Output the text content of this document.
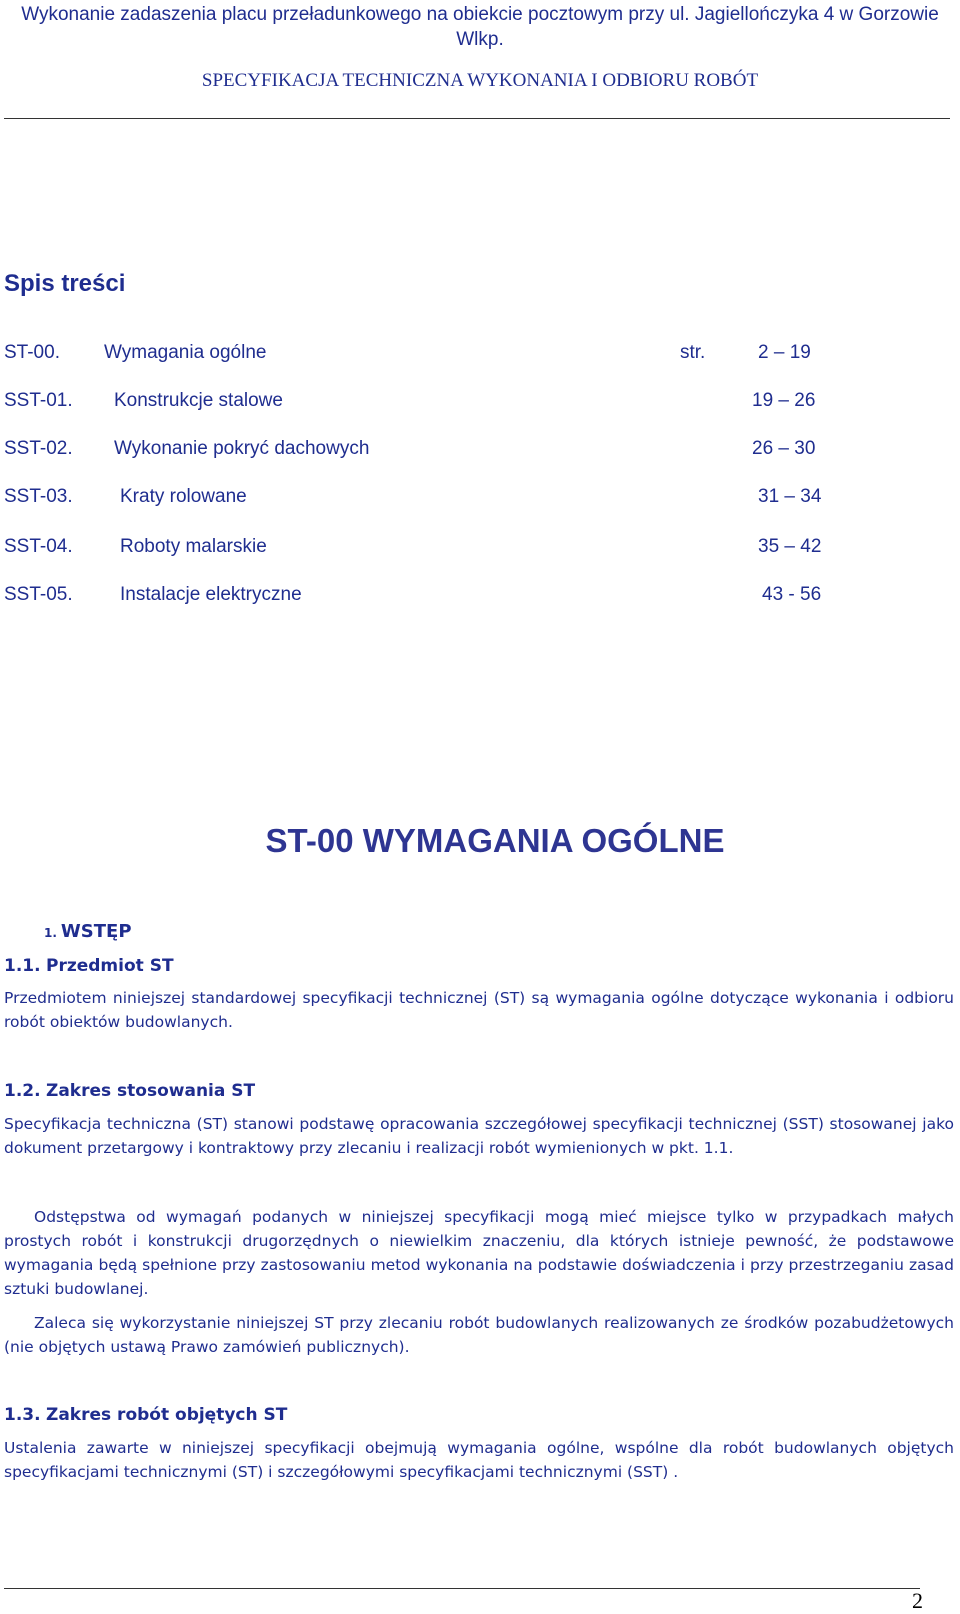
Wykonanie zadaszenia placu przeładunkowego na obiekcie pocztowym przy ul. Jagiellończyka 4 w Gorzowie Wlkp.
SPECYFIKACJA TECHNICZNA WYKONANIA I ODBIORU ROBÓT
Spis treści
ST-00. Wymagania ogólne	str.	2 – 19
SST-01. Konstrukcje stalowe	19 – 26
SST-02. Wykonanie pokryć dachowych	26 – 30
SST-03. Kraty rolowane	31 – 34
SST-04. Roboty malarskie	35 – 42
SST-05. Instalacje elektryczne	43 - 56
ST-00 WYMAGANIA OGÓLNE
1. WSTĘP
1.1. Przedmiot ST
Przedmiotem niniejszej standardowej specyfikacji technicznej (ST) są wymagania ogólne dotyczące wykonania i odbioru robót obiektów budowlanych.
1.2. Zakres stosowania ST
Specyfikacja techniczna (ST) stanowi podstawę opracowania szczegółowej specyfikacji technicznej (SST) stosowanej jako dokument przetargowy i kontraktowy przy zlecaniu i realizacji robót wymienionych w pkt. 1.1.
Odstępstwa od wymagań podanych w niniejszej specyfikacji mogą mieć miejsce tylko w przypadkach małych prostych robót i konstrukcji drugorzędnych o niewielkim znaczeniu, dla których istnieje pewność, że podstawowe wymagania będą spełnione przy zastosowaniu metod wykonania na podstawie doświadczenia i przy przestrzeganiu zasad sztuki budowlanej.
Zaleca się wykorzystanie niniejszej ST przy zlecaniu robót budowlanych realizowanych ze środków pozabudżetowych (nie objętych ustawą Prawo zamówień publicznych).
1.3. Zakres robót objętych ST
Ustalenia zawarte w niniejszej specyfikacji obejmują wymagania ogólne, wspólne dla robót budowlanych objętych specyfikacjami technicznymi (ST) i szczegółowymi specyfikacjami technicznymi (SST) .
2
